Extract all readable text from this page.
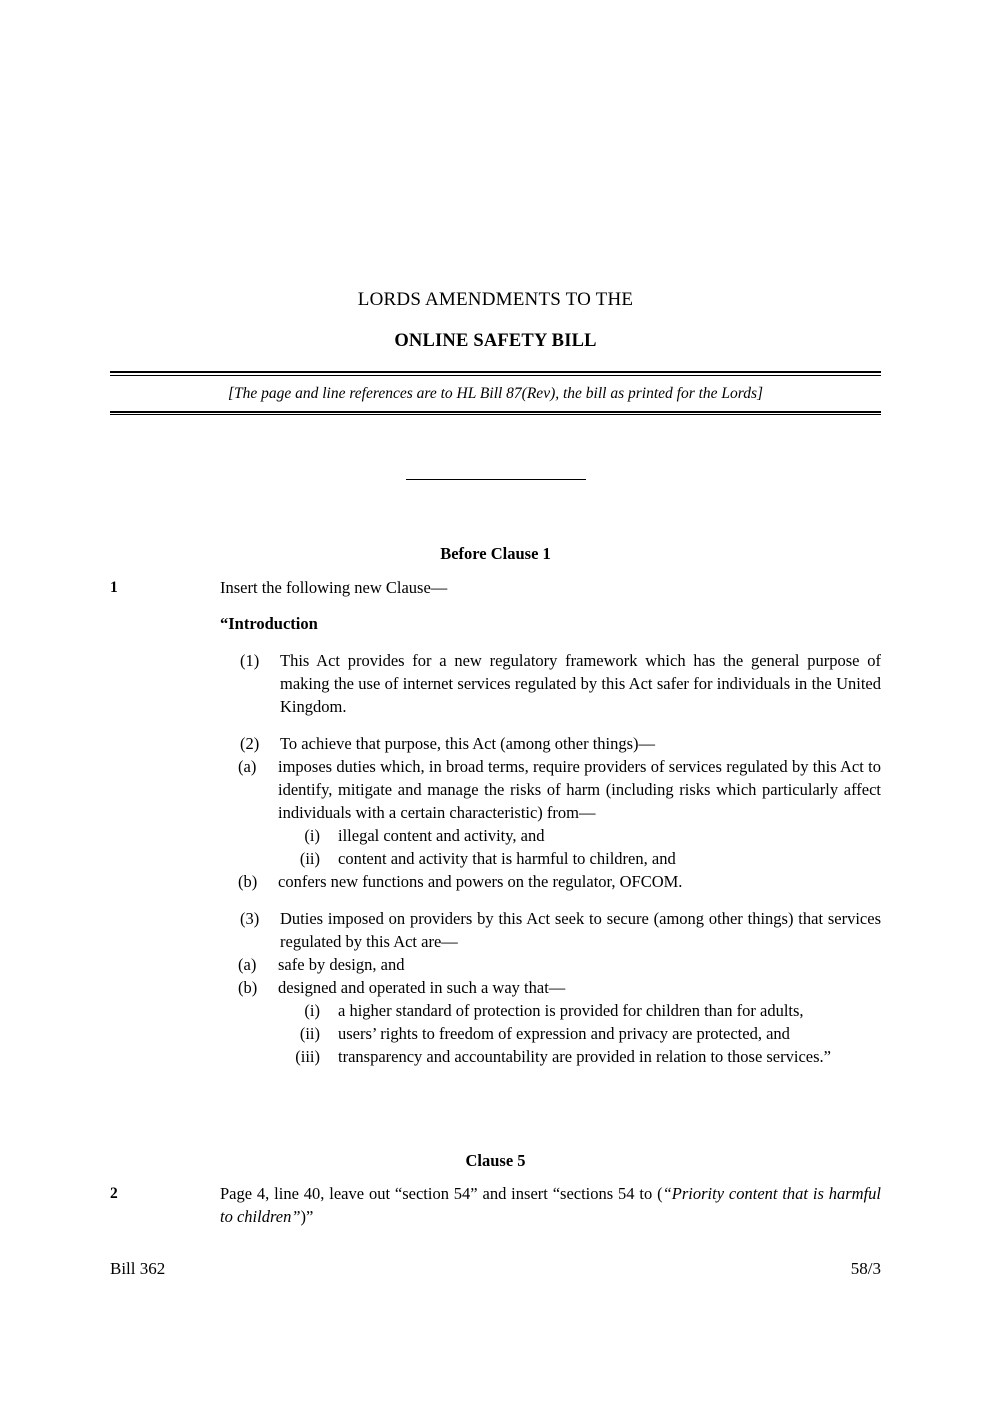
LORDS AMENDMENTS TO THE
ONLINE SAFETY BILL
[The page and line references are to HL Bill 87(Rev), the bill as printed for the Lords]
Before Clause 1
1	Insert the following new Clause—
“Introduction
(1)	This Act provides for a new regulatory framework which has the general purpose of making the use of internet services regulated by this Act safer for individuals in the United Kingdom.
(2)	To achieve that purpose, this Act (among other things)—
(a)	imposes duties which, in broad terms, require providers of services regulated by this Act to identify, mitigate and manage the risks of harm (including risks which particularly affect individuals with a certain characteristic) from—
(i) illegal content and activity, and
(ii) content and activity that is harmful to children, and
(b)	confers new functions and powers on the regulator, OFCOM.
(3)	Duties imposed on providers by this Act seek to secure (among other things) that services regulated by this Act are—
(a)	safe by design, and
(b)	designed and operated in such a way that—
(i) a higher standard of protection is provided for children than for adults,
(ii) users’ rights to freedom of expression and privacy are protected, and
(iii) transparency and accountability are provided in relation to those services.”
Clause 5
2	Page 4, line 40, leave out “section 54” and insert “sections 54 to (“Priority content that is harmful to children”)”
Bill 362	58/3
